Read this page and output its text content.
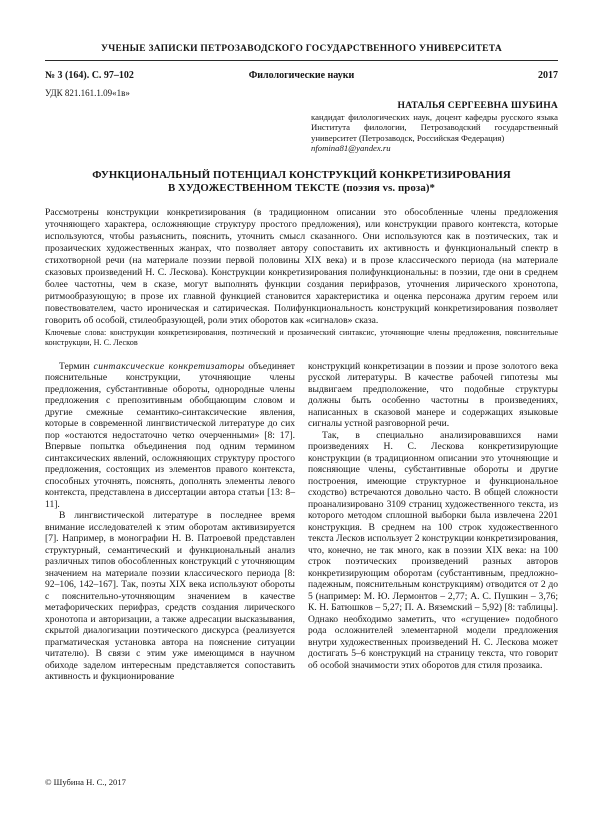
УЧЕНЫЕ ЗАПИСКИ ПЕТРОЗАВОДСКОГО ГОСУДАРСТВЕННОГО УНИВЕРСИТЕТА
№ 3 (164). С. 97–102	Филологические науки	2017
УДК 821.161.1.09«1в»
НАТАЛЬЯ СЕРГЕЕВНА ШУБИНА
кандидат филологических наук, доцент кафедры русского языка Института филологии, Петрозаводский государственный университет (Петрозаводск, Российская Федерация)
nfomina81@yandex.ru
ФУНКЦИОНАЛЬНЫЙ ПОТЕНЦИАЛ КОНСТРУКЦИЙ КОНКРЕТИЗИРОВАНИЯ
В ХУДОЖЕСТВЕННОМ ТЕКСТЕ (поэзия vs. проза)*

Рассмотрены конструкции конкретизирования (в традиционном описании это обособленные члены предложения уточняющего характера, осложняющие структуру простого предложения), или конструкции правого контекста, которые используются, чтобы разъяснить, пояснить, уточнить смысл сказанного. Они используются как в поэтических, так и прозаических художественных жанрах, что позволяет автору сопоставить их активность и функциональный спектр в стихотворной речи (на материале поэзии первой половины XIX века) и в прозе классического периода (на материале сказовых произведений Н. С. Лескова). Конструкции конкретизирования полифункциональны: в поэзии, где они в среднем более частотны, чем в сказе, могут выполнять функции создания перифразов, уточнения лирического хронотопа, ритмообразующую; в прозе их главной функцией становится характеристика и оценка персонажа другим героем или повествователем, часто ироническая и сатирическая. Полифункциональность конструкций конкретизирования позволяет говорить об особой, стилеобразующей, роли этих оборотов как «сигналов» сказа.

Ключевые слова: конструкции конкретизирования, поэтический и прозаический синтаксис, уточняющие члены предложения, пояснительные конструкции, Н. С. Лесков

Термин синтаксические конкретизаторы объединяет пояснительные конструкции, уточняющие члены предложения, субстантивные обороты, однородные члены предложения с препозитивным обобщающим словом и другие смежные семантико-синтаксические явления, которые в современной лингвистической литературе до сих пор «остаются недостаточно четко очерченными» [8: 17]. Впервые попытка объединения под одним термином синтаксических явлений, осложняющих структуру простого предложения, состоящих из элементов правого контекста, способных уточнять, пояснять, дополнять элементы левого контекста, представлена в диссертации автора статьи [13: 8–11].

В лингвистической литературе в последнее время внимание исследователей к этим оборотам активизируется [7]. Например, в монографии Н. В. Патроевой представлен структурный, семантический и функциональный анализ различных типов обособленных конструкций с уточняющим значением на материале поэзии классического периода [8: 92–106, 142–167]. Так, поэты XIX века используют обороты с пояснительно-уточняющим значением в качестве метафорических перифраз, средств создания лирического хронотопа и авторизации, а также адресации высказывания, скрытой диалогизации поэтического дискурса (реализуется прагматическая установка автора на пояснение ситуации читателю). В связи с этим уже имеющимся в научном обиходе заделом интересным представляется сопоставить активность и фукционирование

конструкций конкретизации в поэзии и прозе золотого века русской литературы. В качестве рабочей гипотезы мы выдвигаем предположение, что подобные структуры должны быть особенно частотны в произведениях, написанных в сказовой манере и содержащих языковые сигналы устной разговорной речи.

Так, в специально анализировавшихся нами произведениях Н. С. Лескова конкретизирующие конструкции (в традиционном описании это уточняющие и поясняющие члены, субстантивные обороты и другие построения, имеющие структурное и функциональное сходство) встречаются довольно часто. В общей сложности проанализировано 3109 страниц художественного текста, из которого методом сплошной выборки была извлечена 2201 конструкция. В среднем на 100 строк художественного текста Лесков использует 2 конструкции конкретизирования, что, конечно, не так много, как в поэзии XIX века: на 100 строк поэтических произведений разных авторов конкретизирующим оборотам (субстантивным, предложно-падежным, пояснительным конструкциям) отводится от 2 до 5 (например: М. Ю. Лермонтов – 2,77; А. С. Пушкин – 3,76; К. Н. Батюшков – 5,27; П. А. Вяземский – 5,92) [8: таблицы]. Однако необходимо заметить, что «сгущение» подобного рода осложнителей элементарной модели предложения внутри художественных произведений Н. С. Лескова может достигать 5–6 конструкций на страницу текста, что говорит об особой значимости этих оборотов для стиля прозаика.

© Шубина Н. С., 2017
